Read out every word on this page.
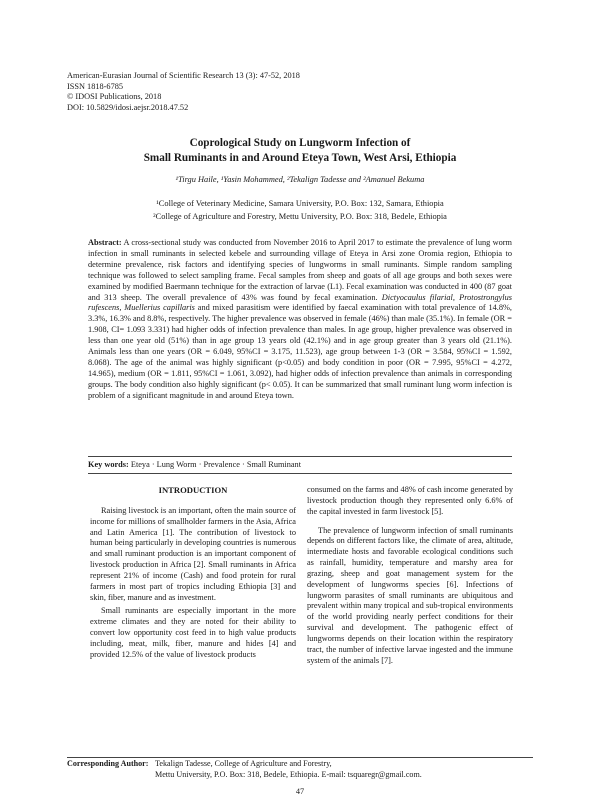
American-Eurasian Journal of Scientific Research 13 (3): 47-52, 2018
ISSN 1818-6785
© IDOSI Publications, 2018
DOI: 10.5829/idosi.aejsr.2018.47.52
Coprological Study on Lungworm Infection of
Small Ruminants in and Around Eteya Town, West Arsi, Ethiopia
¹Tirgu Haile, ¹Yasin Mohammed, ²Tekalign Tadesse and ²Amanuel Bekuma
¹College of Veterinary Medicine, Samara University, P.O. Box: 132, Samara, Ethiopia
²College of Agriculture and Forestry, Mettu University, P.O. Box: 318, Bedele, Ethiopia
Abstract: A cross-sectional study was conducted from November 2016 to April 2017 to estimate the prevalence of lung worm infection in small ruminants in selected kebele and surrounding village of Eteya in Arsi zone Oromia region, Ethiopia to determine prevalence, risk factors and identifying species of lungworms in small ruminants. Simple random sampling technique was followed to select sampling frame. Fecal samples from sheep and goats of all age groups and both sexes were examined by modified Baermann technique for the extraction of larvae (L1). Fecal examination was conducted in 400 (87 goat and 313 sheep. The overall prevalence of 43% was found by fecal examination. Dictyocaulus filarial, Protostrongylus rufescens, Muellerius capillaris and mixed parasitism were identified by faecal examination with total prevalence of 14.8%, 3.3%, 16.3% and 8.8%, respectively. The higher prevalence was observed in female (46%) than male (35.1%). In female (OR = 1.908, CI= 1.093 3.331) had higher odds of infection prevalence than males. In age group, higher prevalence was observed in less than one year old (51%) than in age group 13 years old (42.1%) and in age group greater than 3 years old (21.1%). Animals less than one years (OR = 6.049, 95%CI = 3.175, 11.523), age group between 1-3 (OR = 3.584, 95%CI = 1.592, 8.068). The age of the animal was highly significant (p<0.05) and body condition in poor (OR = 7.995, 95%CI = 4.272, 14.965), medium (OR = 1.811, 95%CI = 1.061, 3.092), had higher odds of infection prevalence than animals in corresponding groups. The body condition also highly significant (p< 0.05). It can be summarized that small ruminant lung worm infection is problem of a significant magnitude in and around Eteya town.
Key words: Eteya · Lung Worm · Prevalence · Small Ruminant
INTRODUCTION

Raising livestock is an important, often the main source of income for millions of smallholder farmers in the Asia, Africa and Latin America [1]. The contribution of livestock to human being particularly in developing countries is numerous and small ruminant production is an important component of livestock production in Africa [2]. Small ruminants in Africa represent 21% of income (Cash) and food protein for rural farmers in most part of tropics including Ethiopia [3] and skin, fiber, manure and as investment.

Small ruminants are especially important in the more extreme climates and they are noted for their ability to convert low opportunity cost feed in to high value products including, meat, milk, fiber, manure and hides [4] and provided 12.5% of the value of livestock products

consumed on the farms and 48% of cash income generated by livestock production though they represented only 6.6% of the capital invested in farm livestock [5].

The prevalence of lungworm infection of small ruminants depends on different factors like, the climate of area, altitude, intermediate hosts and favorable ecological conditions such as rainfall, humidity, temperature and marshy area for grazing, sheep and goat management system for the development of lungworms species [6]. Infections of lungworm parasites of small ruminants are ubiquitous and prevalent within many tropical and sub-tropical environments of the world providing nearly perfect conditions for their survival and development. The pathogenic effect of lungworms depends on their location within the respiratory tract, the number of infective larvae ingested and the immune system of the animals [7].

Corresponding Author: Tekalign Tadesse, College of Agriculture and Forestry,
Mettu University, P.O. Box: 318, Bedele, Ethiopia. E-mail: tsquaregr@gmail.com.
47
